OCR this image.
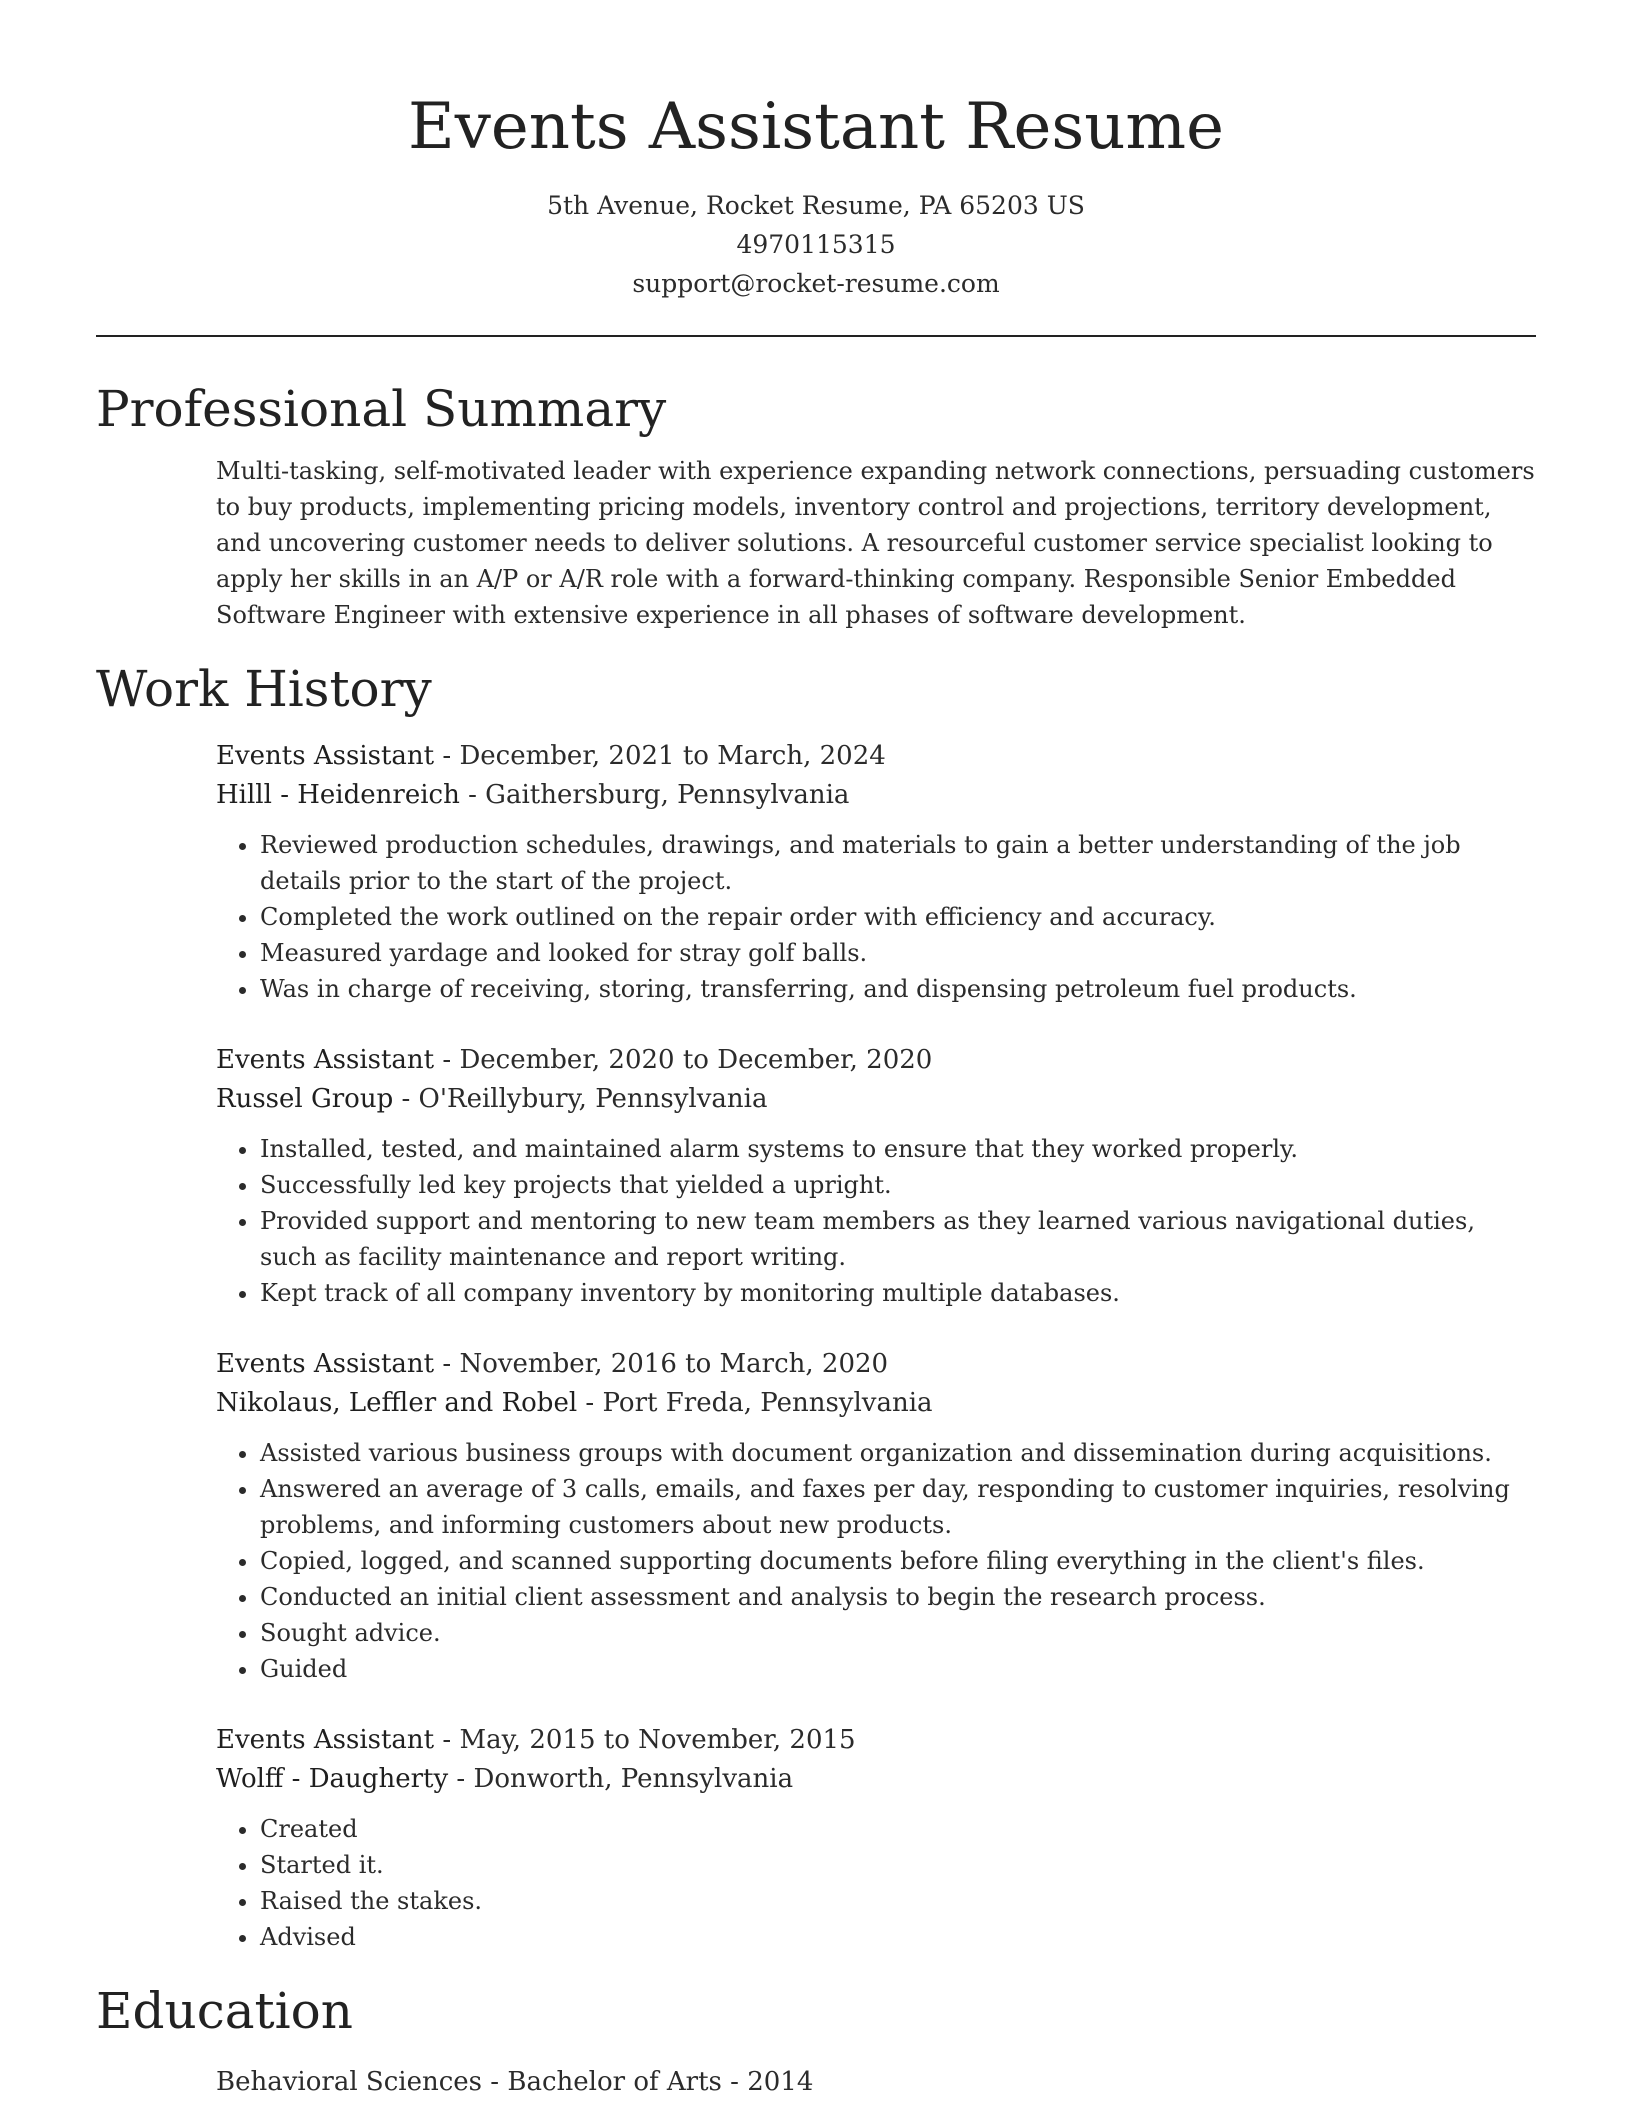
Events Assistant Resume
5th Avenue, Rocket Resume, PA 65203 US
4970115315
support@rocket-resume.com
Professional Summary

Multi-tasking, self-motivated leader with experience expanding network connections, persuading customers to buy products, implementing pricing models, inventory control and projections, territory development, and uncovering customer needs to deliver solutions. A resourceful customer service specialist looking to apply her skills in an A/P or A/R role with a forward-thinking company. Responsible Senior Embedded Software Engineer with extensive experience in all phases of software development.

Work History
Events Assistant - December, 2021 to March, 2024
Hilll - Heidenreich - Gaithersburg, Pennsylvania
• Reviewed production schedules, drawings, and materials to gain a better understanding of the job details prior to the start of the project.
• Completed the work outlined on the repair order with efficiency and accuracy.
• Measured yardage and looked for stray golf balls.
• Was in charge of receiving, storing, transferring, and dispensing petroleum fuel products.
Events Assistant - December, 2020 to December, 2020
Russel Group - O'Reillybury, Pennsylvania
• Installed, tested, and maintained alarm systems to ensure that they worked properly.
• Successfully led key projects that yielded a upright.
• Provided support and mentoring to new team members as they learned various navigational duties, such as facility maintenance and report writing.
• Kept track of all company inventory by monitoring multiple databases.
Events Assistant - November, 2016 to March, 2020
Nikolaus, Leffler and Robel - Port Freda, Pennsylvania
• Assisted various business groups with document organization and dissemination during acquisitions.
• Answered an average of 3 calls, emails, and faxes per day, responding to customer inquiries, resolving problems, and informing customers about new products.
• Copied, logged, and scanned supporting documents before filing everything in the client's files.
• Conducted an initial client assessment and analysis to begin the research process.
• Sought advice.
• Guided
Events Assistant - May, 2015 to November, 2015
Wolff - Daugherty - Donworth, Pennsylvania
• Created
• Started it.
• Raised the stakes.
• Advised
Education
Behavioral Sciences - Bachelor of Arts - 2014
